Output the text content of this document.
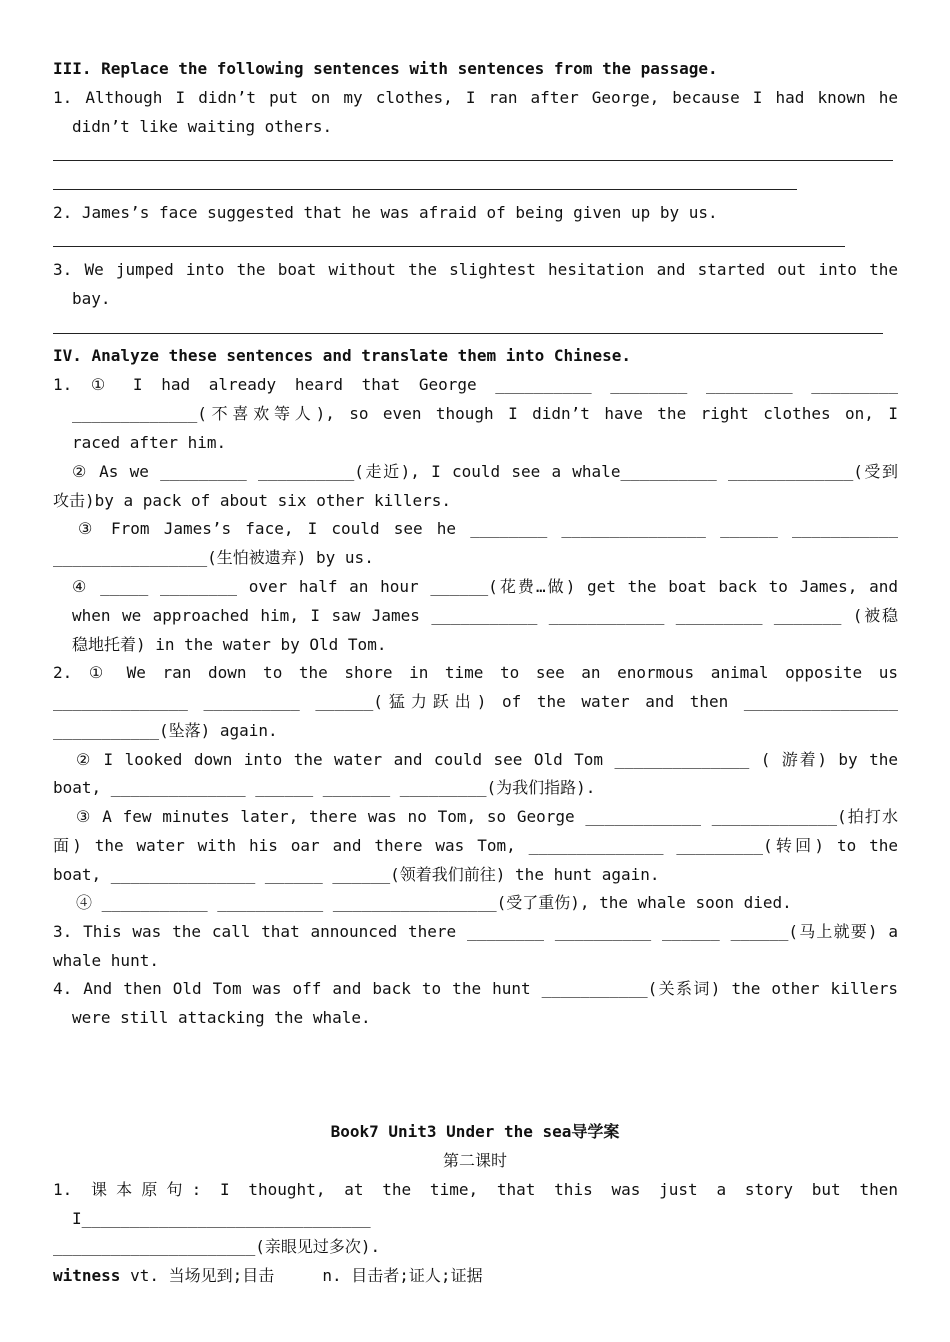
III. Replace the following sentences with sentences from the passage.
1. Although I didn’t put on my clothes, I ran after George, because I had known he
didn’t like waiting others.
2. James’s face suggested that he was afraid of being given up by us.
3. We jumped into the boat without the slightest hesitation and started out into the
bay.
IV. Analyze these sentences and translate them into Chinese.
1. ① I had already heard that George __________ ________ _________ _________
_____________(不喜欢等人), so even though I didn’t have the right clothes on, I
raced after him.
② As we _________ __________(走近), I could see a whale__________ _____________(受到
攻击)by a pack of about six other killers.
③ From James’s face, I could see he ________ _______________ ______ ___________
________________(生怕被遗弃) by us.
④ _____ ________ over half an hour ______(花费…做) get the boat back to James, and
when we approached him, I saw James ___________ ____________ _________ _______ (被稳
稳地托着) in the water by Old Tom.
2. ① We ran down to the shore in time to see an enormous animal opposite us
______________ __________ ______(猛力跃出) of the water and then ________________
___________(坠落) again.
② I looked down into the water and could see Old Tom ______________ ( 游着) by the
boat, ______________ ______ _______ _________(为我们指路).
③ A few minutes later, there was no Tom, so George ____________ _____________(拍打水
面) the water with his oar and there was Tom, ______________ _________(转回) to the
boat, _______________ ______ ______(领着我们前往) the hunt again.
④ ___________ ___________ _________________(受了重伤), the whale soon died.
3. This was the call that announced there ________ __________ ______ ______(马上就要) a
whale hunt.
4. And then Old Tom was off and back to the hunt ___________(关系词) the other killers
were still attacking the whale.
Book7 Unit3 Under the sea导学案
第二课时
1. 课本原句: I thought, at the time, that this was just a story but then
I______________________________
_____________________(亲眼见过多次).
witness vt. 当场见到;目击     n. 目击者;证人;证据
